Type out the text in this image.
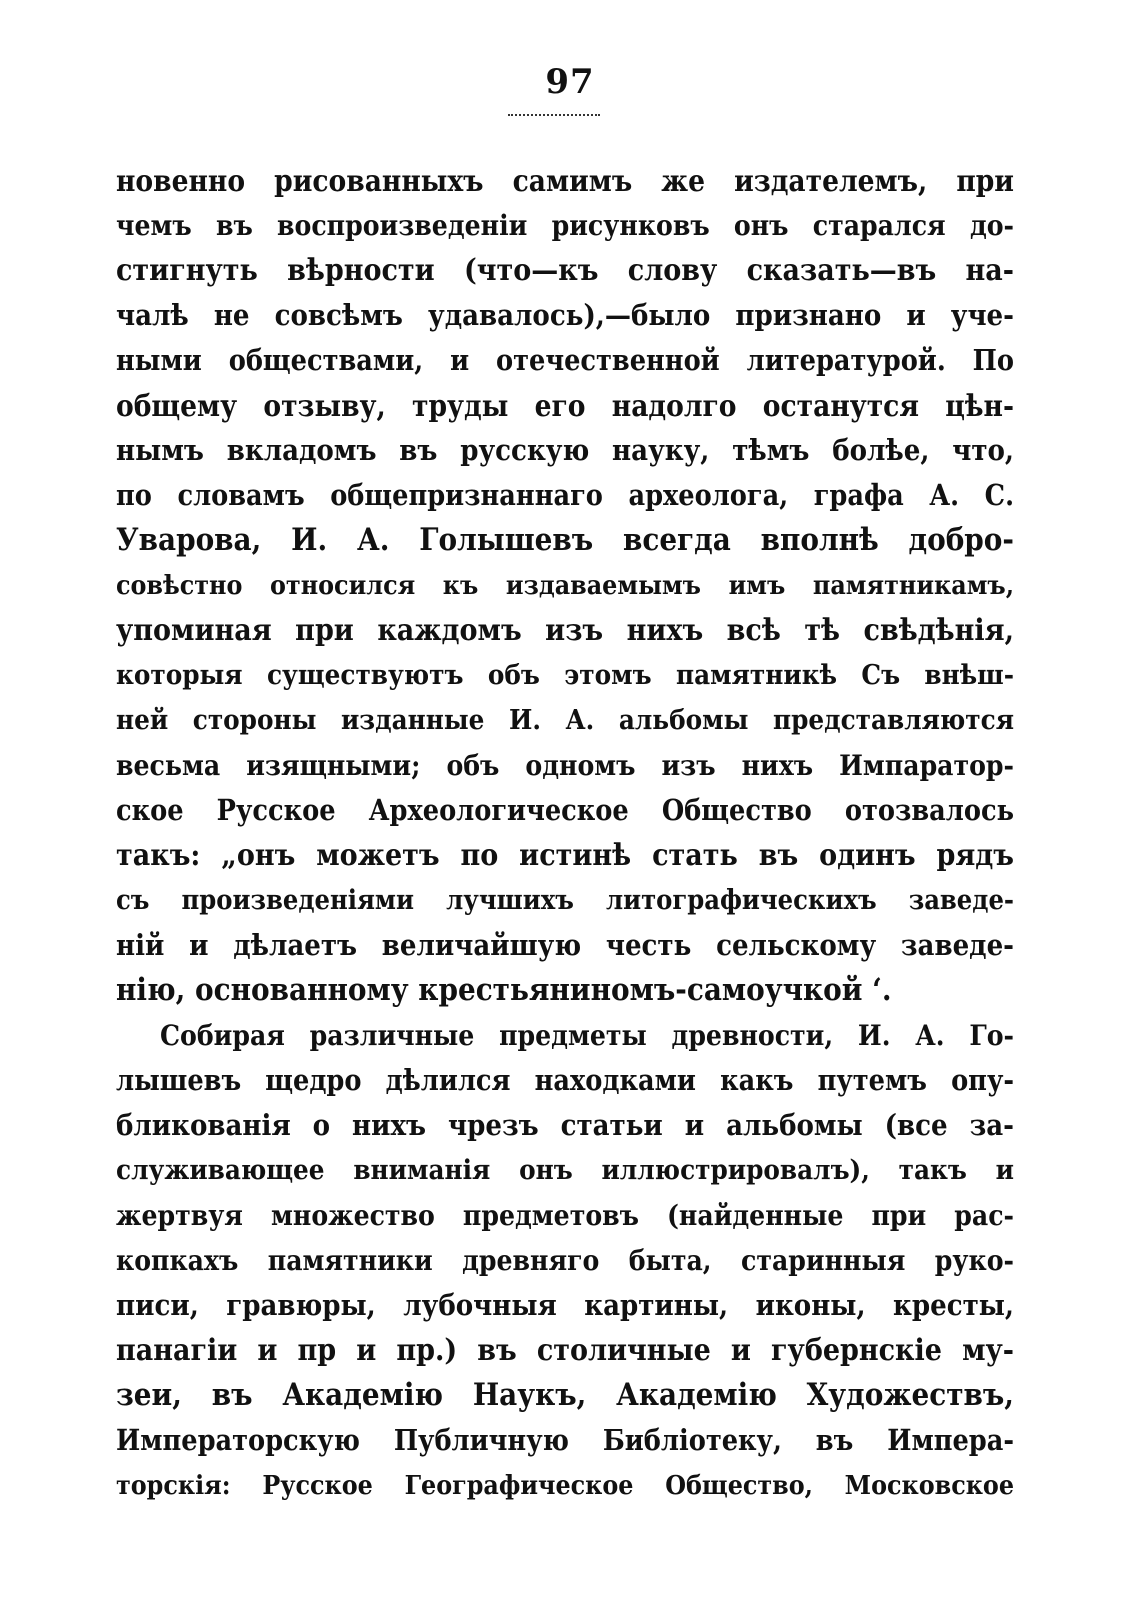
97
новенно рисованныхъ самимъ же издателемъ, при
чемъ въ воспроизведеніи рисунковъ онъ старался до-
стигнуть вѣрности (что—къ слову сказать—въ на-
чалѣ не совсѣмъ удавалось),—было признано и уче-
ными обществами, и отечественной литературой. По
общему отзыву, труды его надолго останутся цѣн-
нымъ вкладомъ въ русскую науку, тѣмъ болѣе, что,
по словамъ общепризнаннаго археолога, графа А. С.
Уварова, И. А. Голышевъ всегда вполнѣ добро-
совѣстно относился къ издаваемымъ имъ памятникамъ,
упоминая при каждомъ изъ нихъ всѣ тѣ свѣдѣнія,
которыя существуютъ объ этомъ памятникѣ Съ внѣш-
ней стороны изданные И. А. альбомы представляются
весьма изящными; объ одномъ изъ нихъ Импаратор-
ское Русское Археологическое Общество отозвалось
такъ: „онъ можетъ по истинѣ стать въ одинъ рядъ
съ произведеніями лучшихъ литографическихъ заведе-
ній и дѣлаетъ величайшую честь сельскому заведе-
нію, основанному крестьяниномъ-самоучкой ‘.
Собирая различные предметы древности, И. А. Го-
лышевъ щедро дѣлился находками какъ путемъ опу-
бликованія о нихъ чрезъ статьи и альбомы (все за-
служивающее вниманія онъ иллюстрировалъ), такъ и
жертвуя множество предметовъ (найденные при рас-
копкахъ памятники древняго быта, старинныя руко-
писи, гравюры, лубочныя картины, иконы, кресты,
панагіи и пр и пр.) въ столичные и губернскіе му-
зеи, въ Академію Наукъ, Академію Художествъ,
Императорскую Публичную Библіотеку, въ Импера-
торскія: Русское Географическое Общество, Московское
